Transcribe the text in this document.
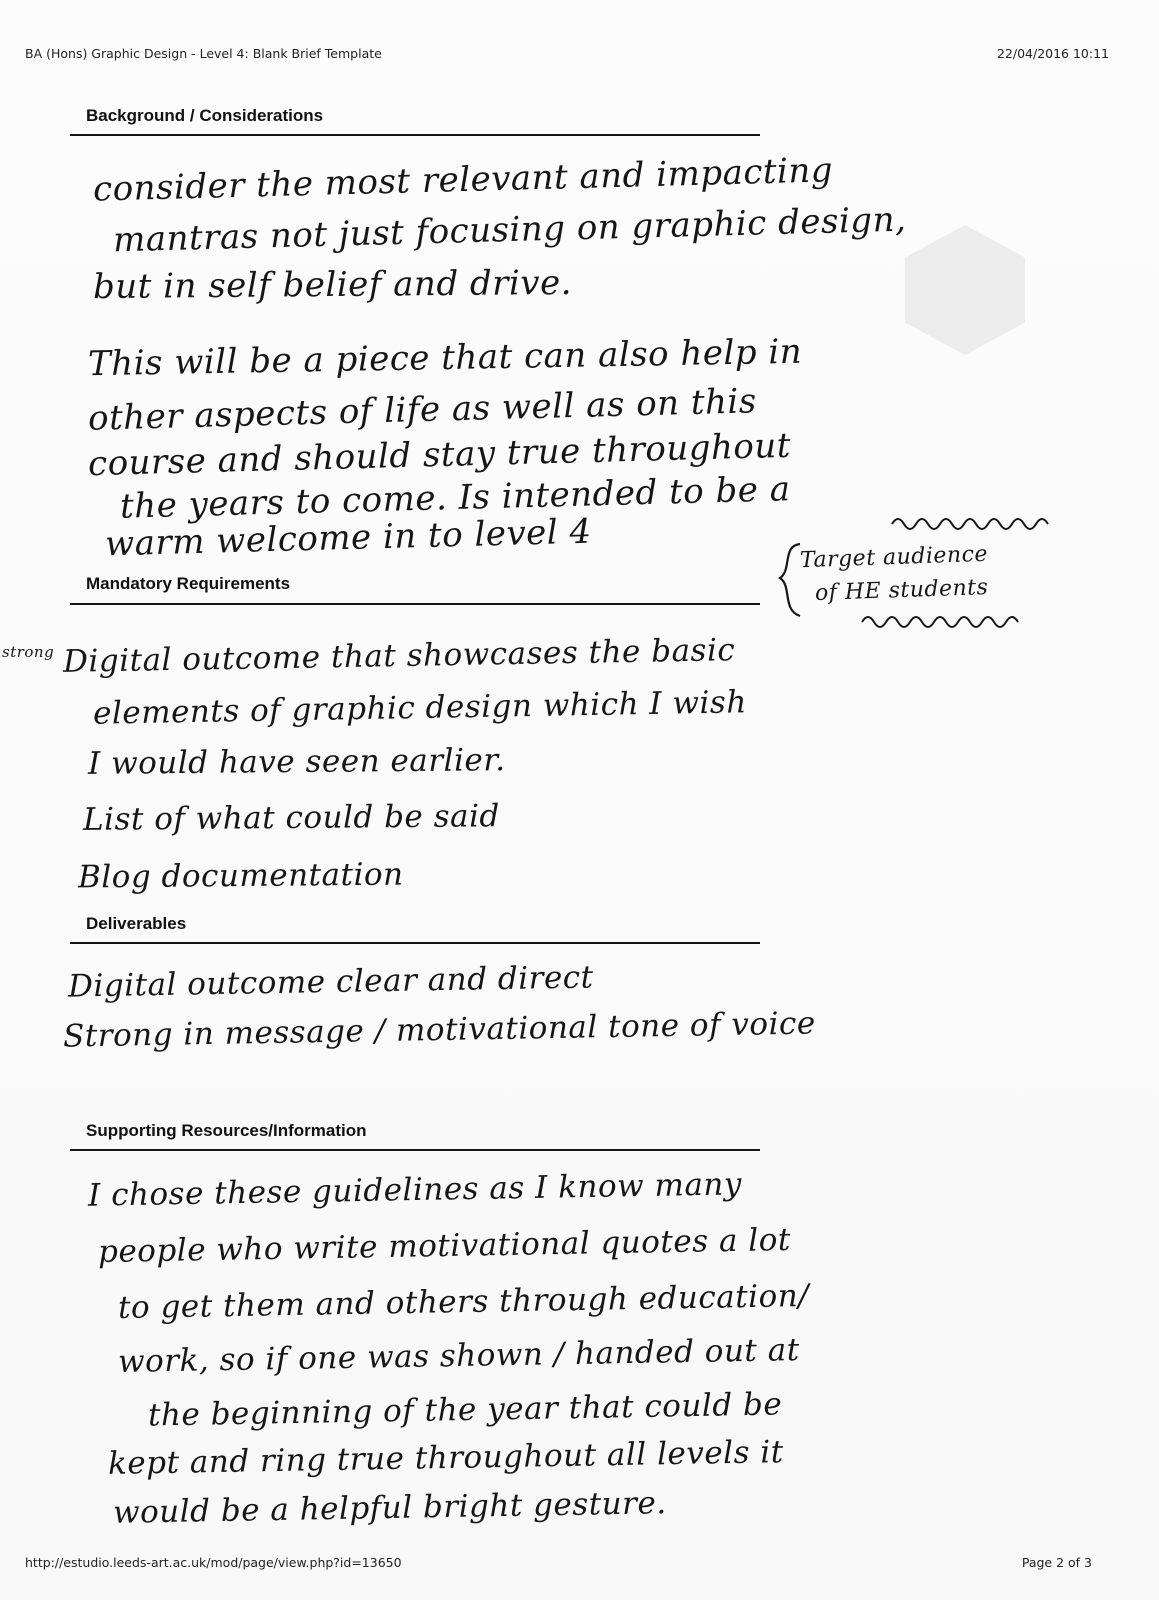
BA (Hons) Graphic Design - Level 4: Blank Brief Template	22/04/2016 10:11
http://estudio.leeds-art.ac.uk/mod/page/view.php?id=13650	Page 2 of 3
Background / Considerations
consider the most relevant and impacting
mantras not just focusing on graphic design,
but in self belief and drive.
This will be a piece that can also help in
other aspects of life as well as on this
course and should stay true throughout
the years to come. Is intended to be a
warm welcome in to level 4	Target audience
of HE students
Mandatory Requirements
strong Digital outcome that showcases the basic
elements of graphic design which I wish
I would have seen earlier.
List of what could be said
Blog documentation
Deliverables
Digital outcome clear and direct
Strong in message / motivational tone of voice
Supporting Resources/Information
I chose these guidelines as I know many
people who write motivational quotes a lot
to get them and others through education/
work, so if one was shown / handed out at
the beginning of the year that could be
kept and ring true throughout all levels it
would be a helpful bright gesture.
